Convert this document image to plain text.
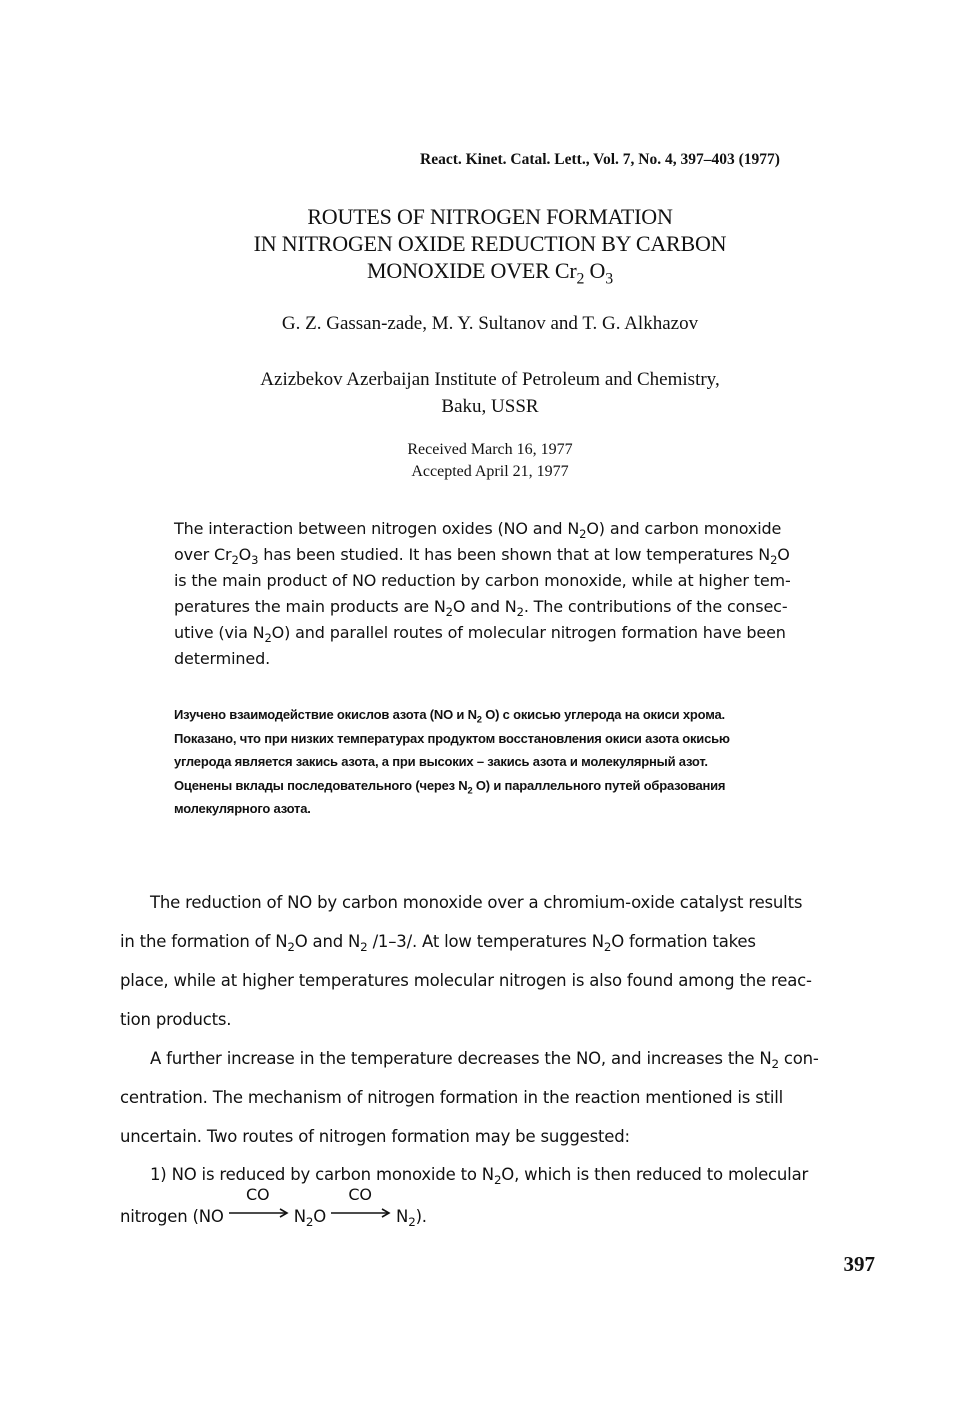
React. Kinet. Catal. Lett., Vol. 7, No. 4, 397–403 (1977)
ROUTES OF NITROGEN FORMATION
IN NITROGEN OXIDE REDUCTION BY CARBON
MONOXIDE OVER $Cr_2$ $O_3$
G. Z. Gassan-zade, M. Y. Sultanov and T. G. Alkhazov
Azizbekov Azerbaijan Institute of Petroleum and Chemistry,
Baku, USSR
Received March 16, 1977
Accepted April 21, 1977
The interaction between nitrogen oxides (NO and $N_2O$) and carbon monoxide
over $Cr_2O_3$ has been studied. It has been shown that at low temperatures $N_2O$
is the main product of NO reduction by carbon monoxide, while at higher tem-
peratures the main products are $N_2O$ and $N_2$. The contributions of the consec-
utive (via $N_2O$) and parallel routes of molecular nitrogen formation have been
determined.
Изучено взаимодействие окислов азота (NO и $N_2$ O) с окисью углерода на окиси хрома.
Показано, что при низких температурах продуктом восстановления окиси азота окисью
углерода является закись азота, а при высоких – закись азота и молекулярный азот.
Оценены вклады последовательного (через $N_2$ O) и параллельного путей образования
молекулярного азота.
The reduction of NO by carbon monoxide over a chromium-oxide catalyst results
in the formation of $N_2O$ and $N_2$ /1–3/. At low temperatures $N_2O$ formation takes
place, while at higher temperatures molecular nitrogen is also found among the reac-
tion products.
A further increase in the temperature decreases the NO, and increases the $N_2$ con-
centration. The mechanism of nitrogen formation in the reaction mentioned is still
uncertain. Two routes of nitrogen formation may be suggested:
1) NO is reduced by carbon monoxide to $N_2O$, which is then reduced to molecular
nitrogen (NO
CO
$N_2O$
CO
$N_2$).
397
